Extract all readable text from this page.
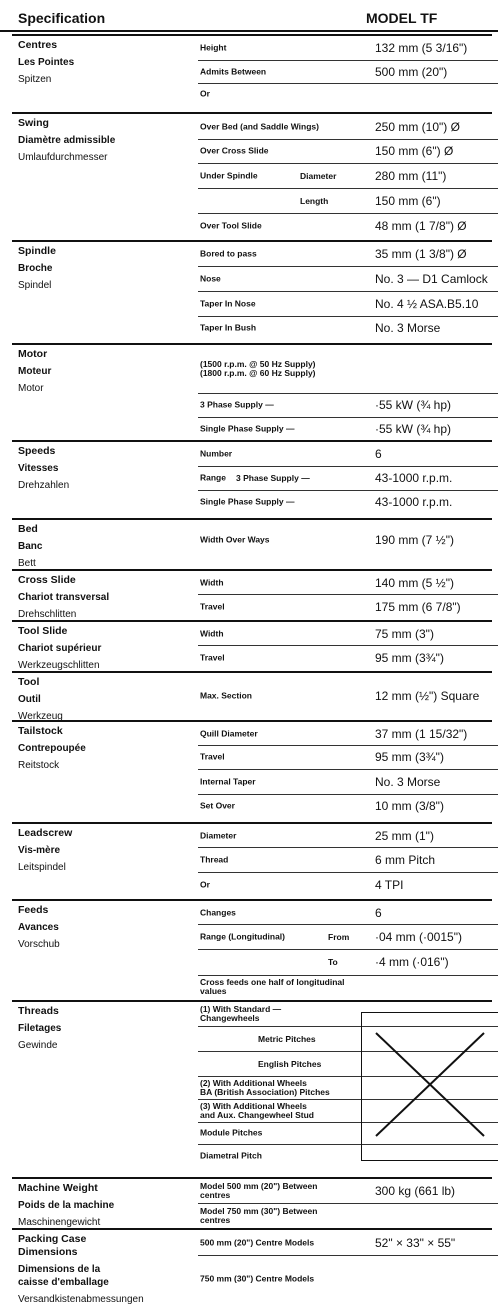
Specification	MODEL TF
Centres
Les Pointes
Spitzen
Height	132 mm (5 3/16")
Admits Between	500 mm (20")
Or
Swing
Diamètre admissible
Umlaufdurchmesser
Over Bed (and Saddle Wings)	250 mm (10") Ø
Over Cross Slide	150 mm (6") Ø
Under Spindle	Diameter	280 mm (11")
Length	150 mm (6")
Over Tool Slide	48 mm (1 7/8") Ø
Spindle
Broche
Spindel
Bored to pass	35 mm (1 3/8") Ø
Nose	No. 3 — D1 Camlock
Taper In Nose	No. 4 ½ ASA.B5.10
Taper In Bush	No. 3 Morse
Motor
Moteur
Motor
(1500 r.p.m. @ 50 Hz Supply)
(1800 r.p.m. @ 60 Hz Supply)
3 Phase Supply —	·55 kW (¾ hp)
Single Phase Supply —	·55 kW (¾ hp)
Speeds
Vitesses
Drehzahlen
Number	6
Range	3 Phase Supply —	43-1000 r.p.m.
Single Phase Supply —	43-1000 r.p.m.
Bed
Banc
Bett
Width Over Ways	190 mm (7 ½")
Cross Slide
Chariot transversal
Drehschlitten
Width	140 mm (5 ½")
Travel	175 mm (6 7/8")
Tool Slide
Chariot supérieur
Werkzeugschlitten
Width	75 mm (3")
Travel	95 mm (3¾")
Tool
Outil
Werkzeug
Max. Section	12 mm (½") Square
Tailstock
Contrepoupée
Reitstock
Quill Diameter	37 mm (1 15/32")
Travel	95 mm (3¾")
Internal Taper	No. 3 Morse
Set Over	10 mm (3/8")
Leadscrew
Vis-mère
Leitspindel
Diameter	25 mm (1")
Thread	6 mm Pitch
Or	4 TPI
Feeds
Avances
Vorschub
Changes	6
Range (Longitudinal)	From ·04 mm (·0015")
To	·4 mm (·016")
Cross feeds one half of longitudinal values
Threads
Filetages
Gewinde
(1) With Standard —
Changewheels
Metric Pitches
English Pitches
(2) With Additional Wheels
BA (British Association) Pitches
(3) With Additional Wheels
and Aux. Changewheel Stud
Module Pitches
Diametral Pitch
Machine Weight
Poids de la machine
Maschinengewicht
Model 500 mm (20") Between
centres	300 kg (661 lb)
Model 750 mm (30") Between
centres
Packing Case
Dimensions
Dimensions de la
caisse d'emballage
Versandkistenabmessungen
500 mm (20") Centre Models	52" × 33" × 55"
750 mm (30") Centre Models
